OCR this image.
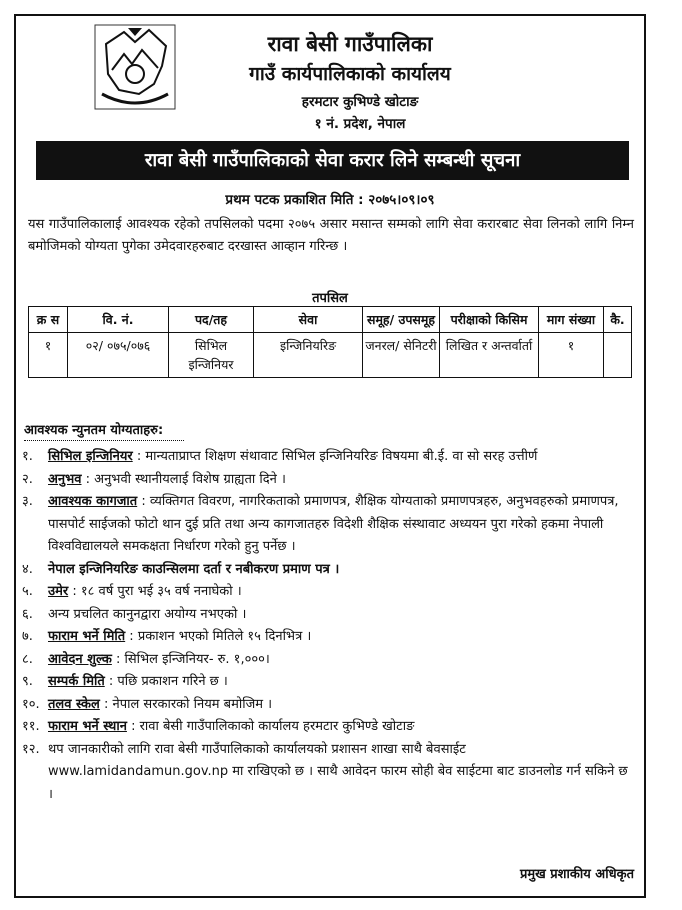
रावा बेसी गाउँपालिका
गाउँ कार्यपालिकाको कार्यालय
हरमटार कुभिण्डे खोटाङ
१ नं. प्रदेश, नेपाल
रावा बेसी गाउँपालिकाको सेवा करार लिने सम्बन्धी सूचना
प्रथम पटक प्रकाशित मिति : २०७५।०९।०९
यस गाउँपालिकालाई आवश्यक रहेको तपसिलको पदमा २०७५ असार मसान्त सम्मको लागि सेवा करारबाट सेवा लिनको लागि निम्न बमोजिमको योग्यता पुगेका उमेदवारहरुबाट दरखास्त आव्हान गरिन्छ ।
तपसिल
क्र स	वि. नं.	पद/तह	सेवा	समूह/ उपसमूह	परीक्षाको किसिम	माग संख्या	कै.
१	०२/ ०७५/०७६	सिभिल इन्जिनियर	इन्जिनियरिङ	जनरल/ सेनिटरी	लिखित र अन्तर्वार्ता	१	
आवश्यक न्युनतम योग्यताहरु:
१. सिभिल इन्जिनियर : मान्यताप्राप्त शिक्षण संथावाट सिभिल इन्जिनियरिङ विषयमा बी.ई. वा सो सरह उत्तीर्ण
२. अनुभव : अनुभवी स्थानीयलाई विशेष ग्राह्यता दिने ।
३. आवश्यक कागजात : व्यक्तिगत विवरण, नागरिकताको प्रमाणपत्र, शैक्षिक योग्यताको प्रमाणपत्रहरु, अनुभवहरुको प्रमाणपत्र, पासपोर्ट साईजको फोटो थान दुई प्रति तथा अन्य कागजातहरु विदेशी शैक्षिक संस्थावाट अध्ययन पुरा गरेको हकमा नेपाली विश्वविद्यालयले समकक्षता निर्धारण गरेको हुनु पर्नेछ ।
४. नेपाल इन्जिनियरिङ काउन्सिलमा दर्ता र नबीकरण प्रमाण पत्र ।
५. उमेर : १८ वर्ष पुरा भई ३५ वर्ष ननाघेको ।
६. अन्य प्रचलित कानुनद्वारा अयोग्य नभएको ।
७. फाराम भर्ने मिति : प्रकाशन भएको मितिले १५ दिनभित्र ।
८. आवेदन शुल्क : सिभिल इन्जिनियर- रु. १,०००।
९. सम्पर्क मिति : पछि प्रकाशन गरिने छ ।
१०. तलव स्केल : नेपाल सरकारको नियम बमोजिम ।
११. फाराम भर्ने स्थान : रावा बेसी गाउँपालिकाको कार्यालय हरमटार कुभिण्डे खोटाङ
१२. थप जानकारीको लागि रावा बेसी गाउँपालिकाको कार्यालयको प्रशासन शाखा साथै बेवसाईट www.lamidandamun.gov.np मा राखिएको छ । साथै आवेदन फारम सोही बेव साईटमा बाट डाउनलोड गर्न सकिने छ ।
प्रमुख प्रशाकीय अधिकृत
